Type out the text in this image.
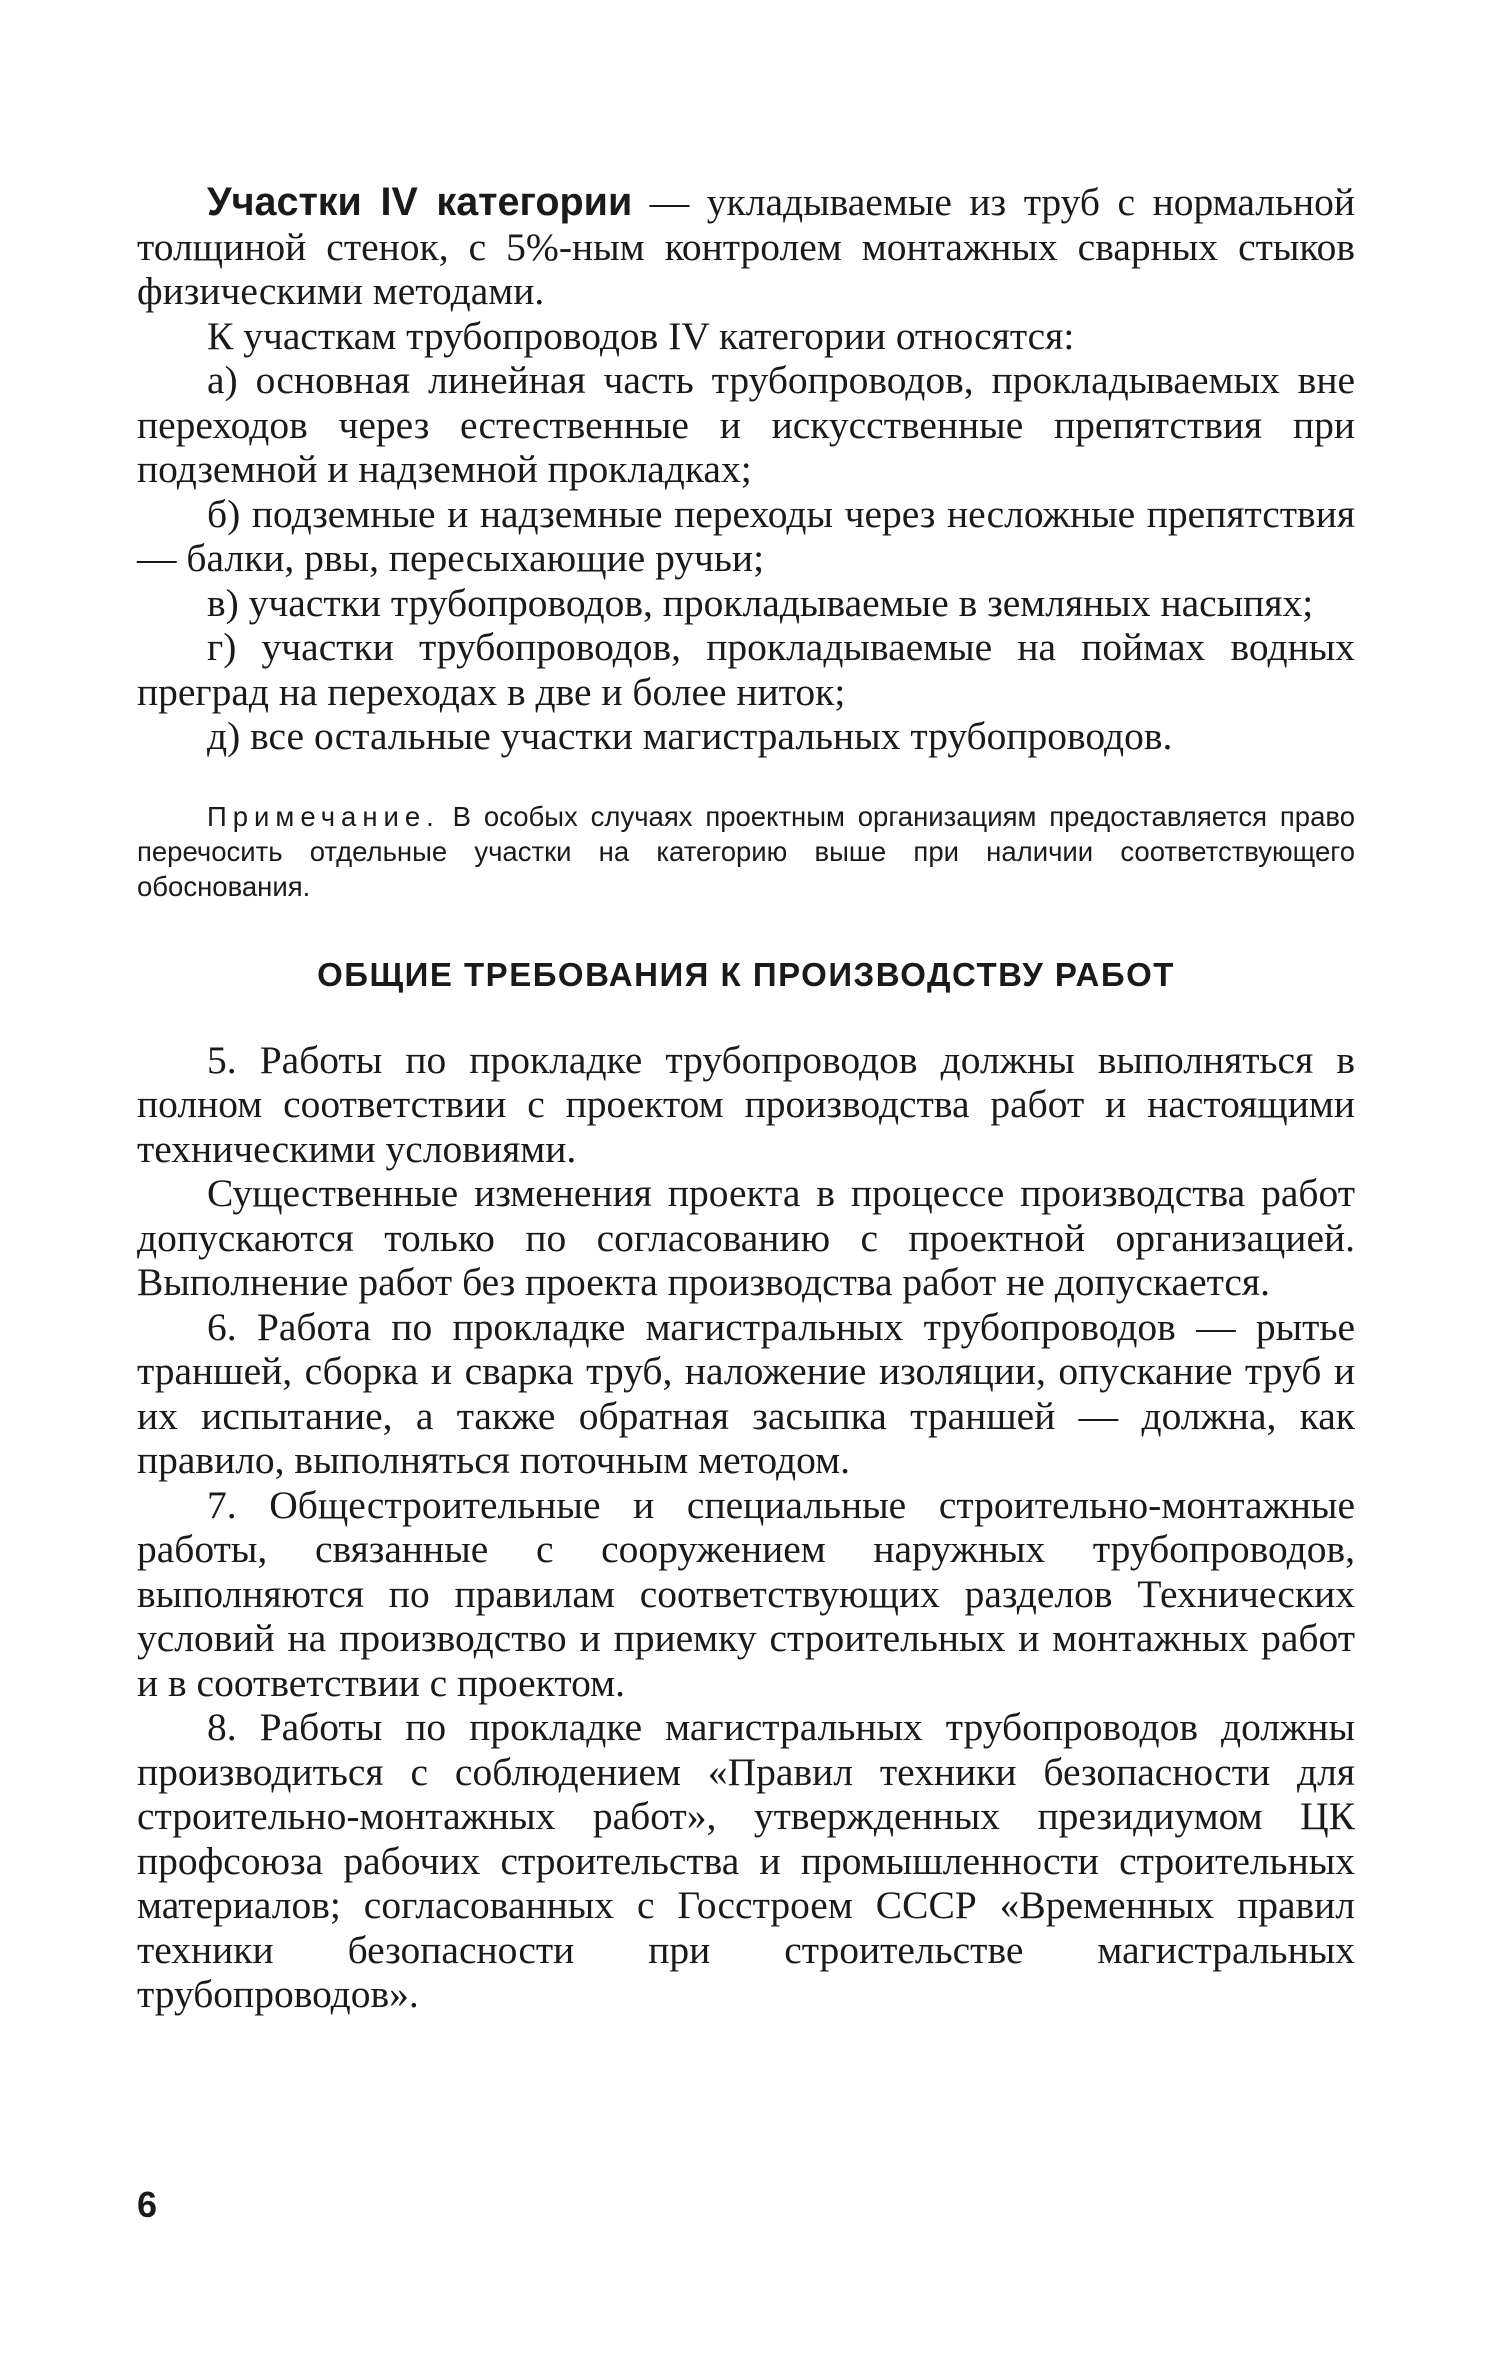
Участки IV категории — укладываемые из труб с нормальной толщиной стенок, с 5%-ным контролем монтажных сварных стыков физическими методами.

К участкам трубопроводов IV категории относятся:

а) основная линейная часть трубопроводов, прокладываемых вне переходов через естественные и искусственные препятствия при подземной и надземной прокладках;

б) подземные и надземные переходы через несложные препятствия — балки, рвы, пересыхающие ручьи;

в) участки трубопроводов, прокладываемые в земляных насыпях;

г) участки трубопроводов, прокладываемые на поймах водных преград на переходах в две и более ниток;

д) все остальные участки магистральных трубопроводов.

Примечание. В особых случаях проектным организациям предоставляется право перечосить отдельные участки на категорию выше при наличии соответствующего обоснования.

ОБЩИЕ ТРЕБОВАНИЯ К ПРОИЗВОДСТВУ РАБОТ

5. Работы по прокладке трубопроводов должны выполняться в полном соответствии с проектом производства работ и настоящими техническими условиями.

Существенные изменения проекта в процессе производства работ допускаются только по согласованию с проектной организацией. Выполнение работ без проекта производства работ не допускается.

6. Работа по прокладке магистральных трубопроводов — рытье траншей, сборка и сварка труб, наложение изоляции, опускание труб и их испытание, а также обратная засыпка траншей — должна, как правило, выполняться поточным методом.

7. Общестроительные и специальные строительно-монтажные работы, связанные с сооружением наружных трубопроводов, выполняются по правилам соответствующих разделов Технических условий на производство и приемку строительных и монтажных работ и в соответствии с проектом.

8. Работы по прокладке магистральных трубопроводов должны производиться с соблюдением «Правил техники безопасности для строительно-монтажных работ», утвержденных президиумом ЦК профсоюза рабочих строительства и промышленности строительных материалов; согласованных с Госстроем СССР «Временных правил техники безопасности при строительстве магистральных трубопроводов».

6
